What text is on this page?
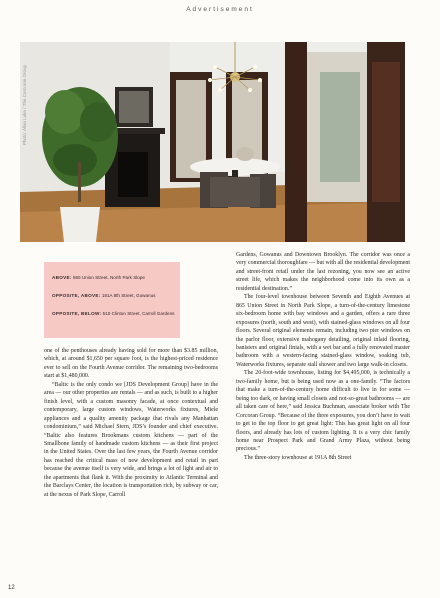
Advertisement
Photo: Allan Luke / The Corcoran Group
ABOVE: 865 Union Street, North Park Slope
OPPOSITE, ABOVE: 191A 8th Street, Gowanus
OPPOSITE, BELOW: 510 Clinton Street, Carroll Gardens

one of the penthouses already having sold for more than $3.85 million, which, at around $1,650 per square foot, is the highest-priced residence ever to sell on the Fourth Avenue corridor. The remaining two-bedrooms start at $1,480,000.

“Baltic is the only condo we [JDS Development Group] have in the area — our other properties are rentals — and as such, is built to a higher finish level, with a custom masonry facade, at once contextual and contemporary, large custom windows, Waterworks fixtures, Miele appliances and a quality amenity package that rivals any Manhattan condominium,” said Michael Stern, JDS’s founder and chief executive. “Baltic also features Brookmans custom kitchens — part of the Smallbone family of handmade custom kitchens — as their first project in the United States. Over the last few years, the Fourth Avenue corridor has reached the critical mass of new development and retail in part because the avenue itself is very wide, and brings a lot of light and air to the apartments that flank it. With the proximity to Atlantic Terminal and the Barclays Center, the location is transportation rich, by subway or car, at the nexus of Park Slope, Carroll

Gardens, Gowanus and Downtown Brooklyn. The corridor was once a very commercial thoroughfare — but with all the residential development and street-front retail under the last rezoning, you now see an active street life, which makes the neighborhood come into its own as a residential destination.”

The four-level townhouse between Seventh and Eighth Avenues at 865 Union Street in North Park Slope, a turn-of-the-century limestone six-bedroom home with bay windows and a garden, offers a rare three exposures (north, south and west), with stained-glass windows on all four floors. Several original elements remain, including two pier windows on the parlor floor, extensive mahogany detailing, original inlaid flooring, banisters and original finials, with a wet bar and a fully renovated master bathroom with a western-facing stained-glass window, soaking tub, Waterworks fixtures, separate stall shower and two large walk-in closets.

The 20-foot-wide townhouse, listing for $4,495,000, is technically a two-family home, but is being used now as a one-family. “The factors that make a turn-of-the-century home difficult to live in for some — being too dark, or having small closets and not-so-great bathrooms — are all taken care of here,” said Jessica Buchman, associate broker with The Corcoran Group. “Because of the three exposures, you don’t have to wait to get to the top floor to get great light: This has great light on all four floors, and already has lots of custom lighting. It is a very chic family home near Prospect Park and Grand Army Plaza, without being precious.”

The three-story townhouse at 191A 8th Street

12
